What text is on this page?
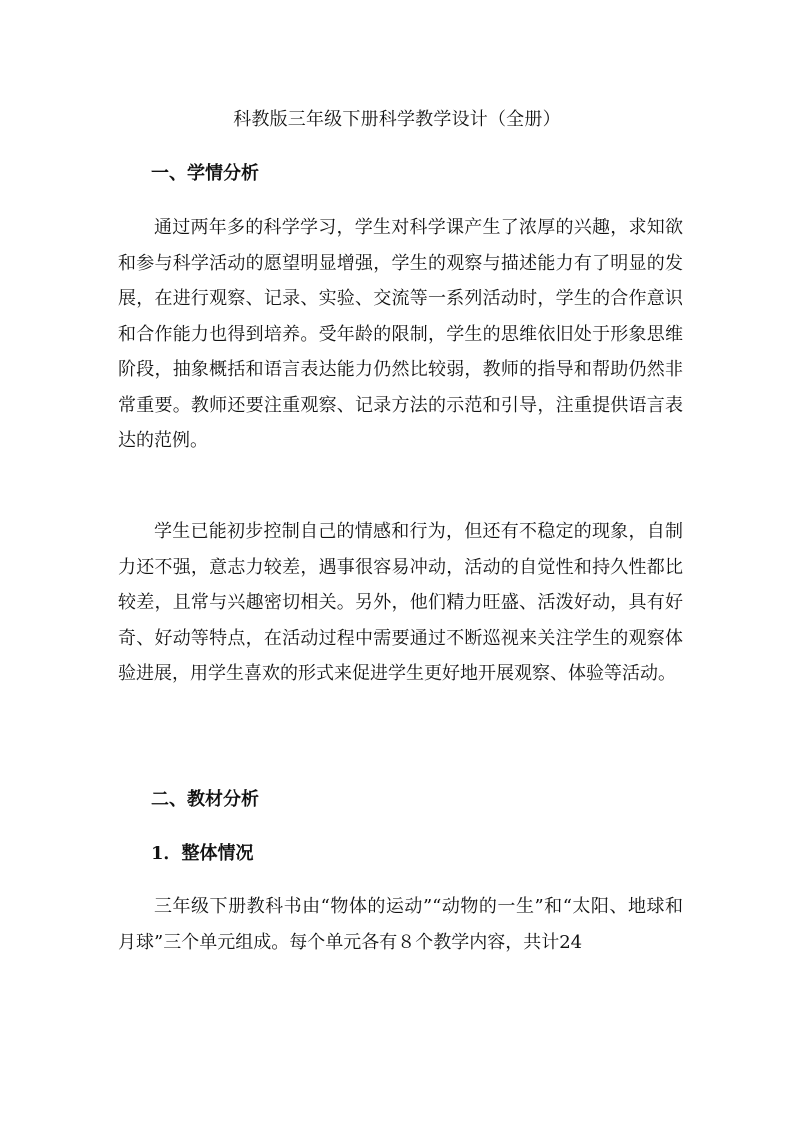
科教版三年级下册科学教学设计（全册）
一、学情分析

通过两年多的科学学习，学生对科学课产生了浓厚的兴趣，求知欲和参与科学活动的愿望明显增强，学生的观察与描述能力有了明显的发展，在进行观察、记录、实验、交流等一系列活动时，学生的合作意识和合作能力也得到培养。受年龄的限制，学生的思维依旧处于形象思维阶段，抽象概括和语言表达能力仍然比较弱，教师的指导和帮助仍然非常重要。教师还要注重观察、记录方法的示范和引导，注重提供语言表达的范例。

学生已能初步控制自己的情感和行为，但还有不稳定的现象，自制力还不强，意志力较差，遇事很容易冲动，活动的自觉性和持久性都比较差，且常与兴趣密切相关。另外，他们精力旺盛、活泼好动，具有好奇、好动等特点，在活动过程中需要通过不断巡视来关注学生的观察体验进展，用学生喜欢的形式来促进学生更好地开展观察、体验等活动。

二、教材分析
1．整体情况

三年级下册教科书由“物体的运动”“动物的一生”和“太阳、地球和月球”三个单元组成。每个单元各有８个教学内容，共计24
